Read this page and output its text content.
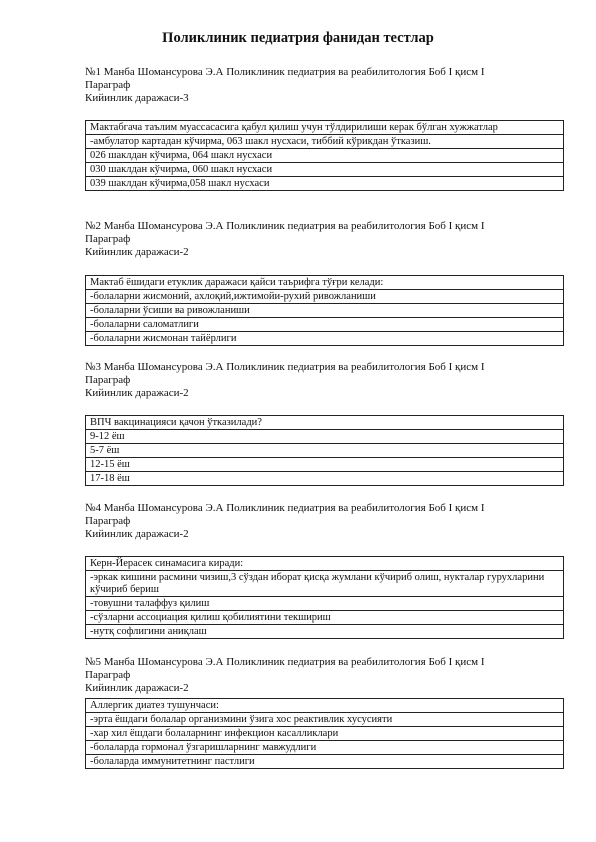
Поликлиник педиатрия фанидан тестлар
№1 Манба Шомансурова Э.А Поликлиник педиатрия ва реабилитология Боб I қисм I
Параграф
Кийинлик даражаси-3
Мактабгача таълим муассасасига қабул қилиш учун тўлдирилиши керак бўлган хужжатлар
-амбулатор картадан кўчирма, 063 шакл нусхаси, тиббий кўрикдан ўтказиш.
026 шаклдан кўчирма, 064 шакл нусхаси
030 шаклдан кўчирма, 060 шакл нусхаси
039 шаклдан кўчирма,058 шакл нусхаси
№2 Манба Шомансурова Э.А Поликлиник педиатрия ва реабилитология Боб I қисм I
Параграф
Кийинлик даражаси-2
Мактаб ёшидаги етуклик даражаси қайси таърифга тўғри келади:
-болаларни жисмоний, ахлоқий,ижтимойи-рухий ривожланиши
-болаларни ўсиши ва ривожланиши
-болаларни саломатлиги
-болаларни жисмонан тайёрлиги
№3 Манба Шомансурова Э.А Поликлиник педиатрия ва реабилитология Боб I қисм I
Параграф
Кийинлик даражаси-2
ВПЧ вакцинацияси қачон ўтказилади?
9-12 ёш
5-7 ёш
12-15 ёш
17-18 ёш
№4 Манба Шомансурова Э.А Поликлиник педиатрия ва реабилитология Боб I қисм I
Параграф
Кийинлик даражаси-2
Керн-Йерасек синамасига киради:
-эркак кишини расмини чизиш,3 сўздан иборат қисқа жумлани кўчириб олиш, нукталар гурухларини кўчириб бериш
-товушни талаффуз қилиш
-сўзларни ассоциация қилиш қобилиятини текшириш
-нутқ софлигини аниқлаш
№5 Манба Шомансурова Э.А Поликлиник педиатрия ва реабилитология Боб I қисм I
Параграф
Кийинлик даражаси-2
Аллергик диатез тушунчаси:
-эрта ёшдаги болалар организмини ўзига хос реактивлик хусусияти
-хар хил ёшдаги болаларнинг инфекцион касалликлари
-болаларда гормонал ўзгаришларнинг мавжудлиги
-болаларда иммунитетнинг пастлиги
